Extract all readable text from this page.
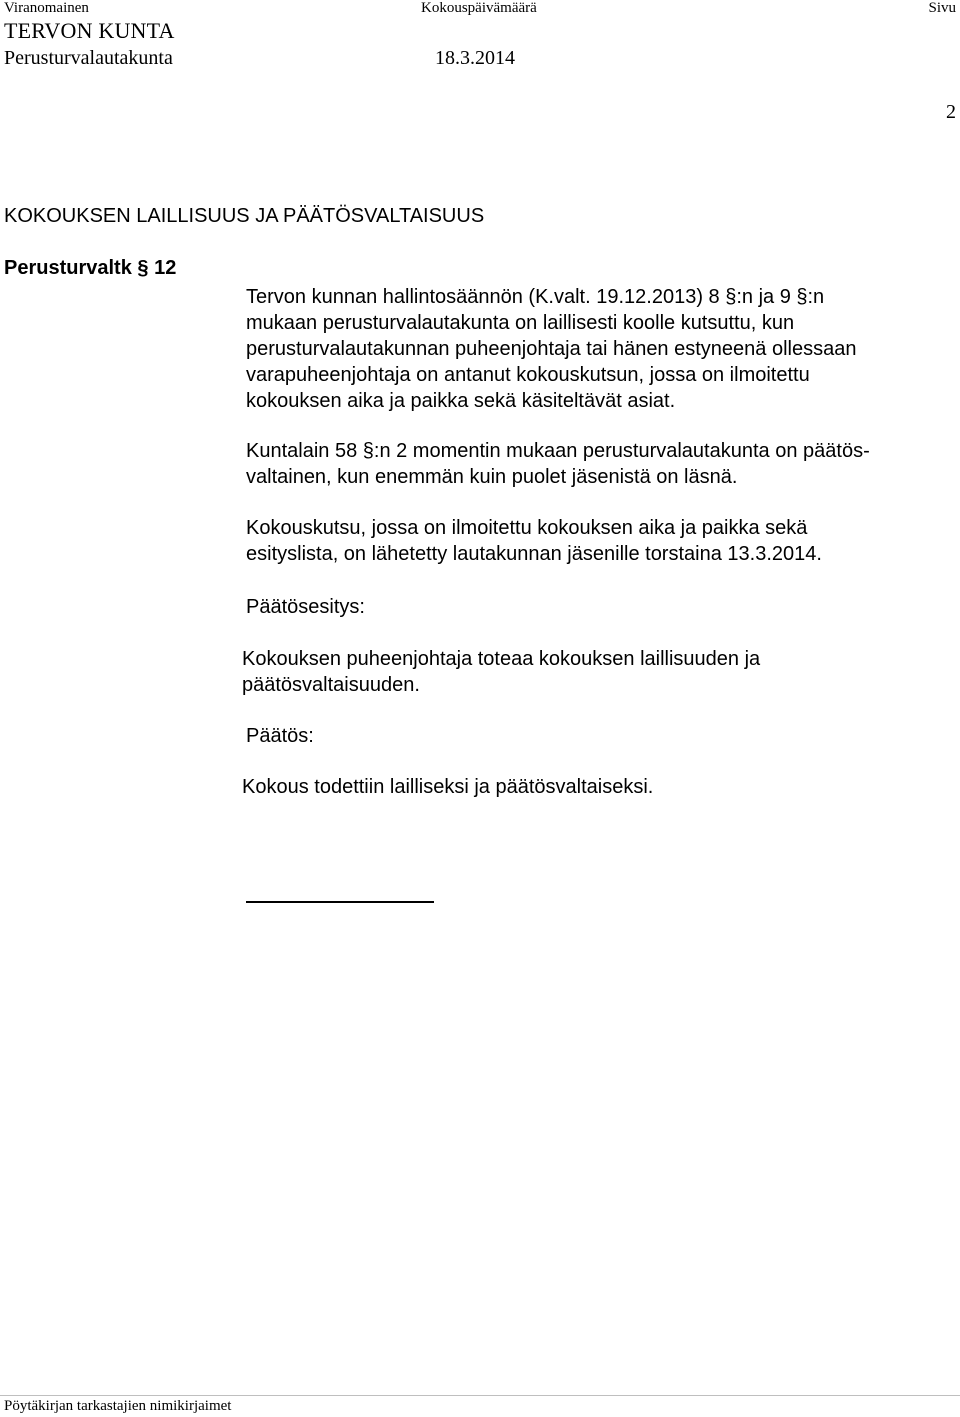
Viranomainen	Kokouspäivämäärä	Sivu
TERVON KUNTA
Perusturvalautakunta	18.3.2014
2
KOKOUKSEN LAILLISUUS JA PÄÄTÖSVALTAISUUS
Perusturvaltk § 12
Tervon kunnan hallintosäännön (K.valt. 19.12.2013) 8 §:n ja 9 §:n
mukaan perusturvalautakunta on laillisesti koolle kutsuttu, kun
perusturvalautakunnan puheenjohtaja tai hänen estyneenä ollessaan
varapuheenjohtaja on antanut kokouskutsun, jossa on ilmoitettu
kokouksen aika ja paikka sekä käsiteltävät asiat.
Kuntalain 58 §:n 2 momentin mukaan perusturvalautakunta on päätös-
valtainen, kun enemmän kuin puolet jäsenistä on läsnä.
Kokouskutsu, jossa on ilmoitettu kokouksen aika ja paikka sekä
esityslista, on lähetetty lautakunnan jäsenille torstaina 13.3.2014.
Päätösesitys:
Kokouksen puheenjohtaja toteaa kokouksen laillisuuden ja
päätösvaltaisuuden.
Päätös:
Kokous todettiin lailliseksi ja päätösvaltaiseksi.
Pöytäkirjan tarkastajien nimikirjaimet
